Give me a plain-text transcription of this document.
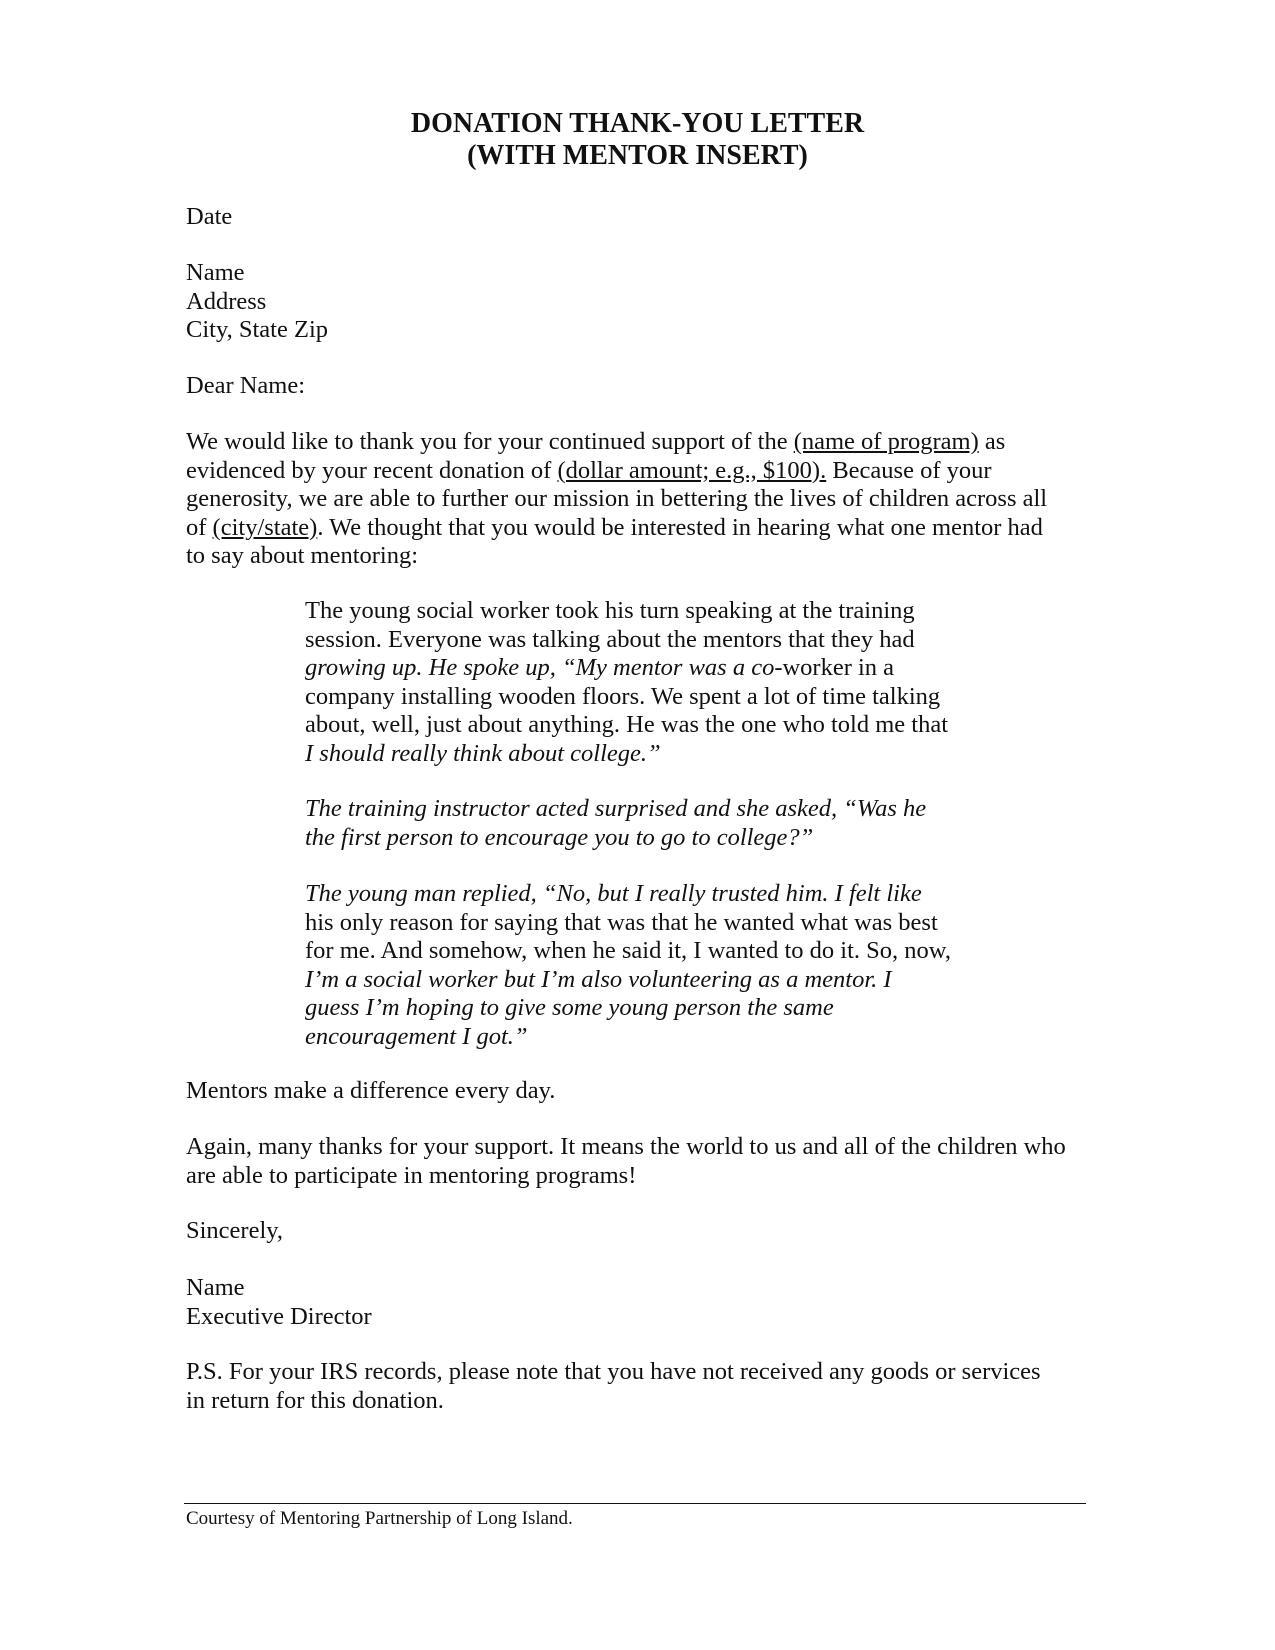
DONATION THANK-YOU LETTER
(WITH MENTOR INSERT)
Date
Name
Address
City, State Zip
Dear Name:
We would like to thank you for your continued support of the (name of program) as
evidenced by your recent donation of (dollar amount; e.g., $100). Because of your
generosity, we are able to further our mission in bettering the lives of children across all
of (city/state). We thought that you would be interested in hearing what one mentor had
to say about mentoring:
The young social worker took his turn speaking at the training
session. Everyone was talking about the mentors that they had
growing up. He spoke up, “My mentor was a co-worker in a
company installing wooden floors. We spent a lot of time talking
about, well, just about anything. He was the one who told me that
I should really think about college.”
The training instructor acted surprised and she asked, “Was he
the first person to encourage you to go to college?”
The young man replied, “No, but I really trusted him. I felt like
his only reason for saying that was that he wanted what was best
for me. And somehow, when he said it, I wanted to do it. So, now,
I’m a social worker but I’m also volunteering as a mentor. I
guess I’m hoping to give some young person the same
encouragement I got.”
Mentors make a difference every day.
Again, many thanks for your support. It means the world to us and all of the children who
are able to participate in mentoring programs!
Sincerely,
Name
Executive Director
P.S. For your IRS records, please note that you have not received any goods or services
in return for this donation.
Courtesy of Mentoring Partnership of Long Island.
